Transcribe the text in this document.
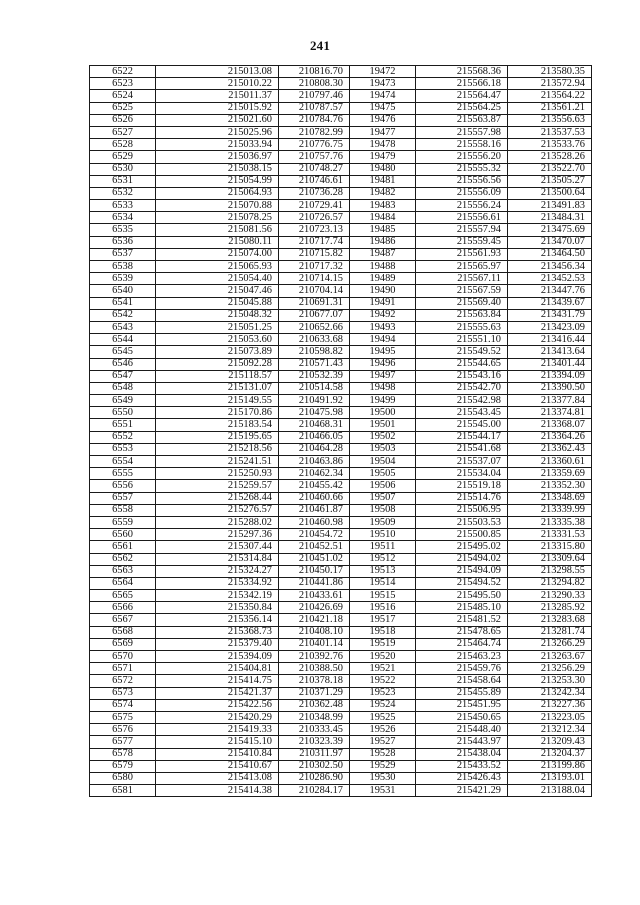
241
6522	215013.08	210816.70	19472	215568.36	213580.35
6523	215010.22	210808.30	19473	215566.18	213572.94
6524	215011.37	210797.46	19474	215564.47	213564.22
6525	215015.92	210787.57	19475	215564.25	213561.21
6526	215021.60	210784.76	19476	215563.87	213556.63
6527	215025.96	210782.99	19477	215557.98	213537.53
6528	215033.94	210776.75	19478	215558.16	213533.76
6529	215036.97	210757.76	19479	215556.20	213528.26
6530	215038.15	210748.27	19480	215555.32	213522.70
6531	215054.99	210746.61	19481	215556.56	213505.27
6532	215064.93	210736.28	19482	215556.09	213500.64
6533	215070.88	210729.41	19483	215556.24	213491.83
6534	215078.25	210726.57	19484	215556.61	213484.31
6535	215081.56	210723.13	19485	215557.94	213475.69
6536	215080.11	210717.74	19486	215559.45	213470.07
6537	215074.00	210715.82	19487	215561.93	213464.50
6538	215065.93	210717.32	19488	215565.97	213456.34
6539	215054.40	210714.15	19489	215567.11	213452.53
6540	215047.46	210704.14	19490	215567.59	213447.76
6541	215045.88	210691.31	19491	215569.40	213439.67
6542	215048.32	210677.07	19492	215563.84	213431.79
6543	215051.25	210652.66	19493	215555.63	213423.09
6544	215053.60	210633.68	19494	215551.10	213416.44
6545	215073.89	210598.82	19495	215549.52	213413.64
6546	215092.28	210571.43	19496	215544.65	213401.44
6547	215118.57	210532.39	19497	215543.16	213394.09
6548	215131.07	210514.58	19498	215542.70	213390.50
6549	215149.55	210491.92	19499	215542.98	213377.84
6550	215170.86	210475.98	19500	215543.45	213374.81
6551	215183.54	210468.31	19501	215545.00	213368.07
6552	215195.65	210466.05	19502	215544.17	213364.26
6553	215218.56	210464.28	19503	215541.68	213362.43
6554	215241.51	210463.86	19504	215537.07	213360.61
6555	215250.93	210462.34	19505	215534.04	213359.69
6556	215259.57	210455.42	19506	215519.18	213352.30
6557	215268.44	210460.66	19507	215514.76	213348.69
6558	215276.57	210461.87	19508	215506.95	213339.99
6559	215288.02	210460.98	19509	215503.53	213335.38
6560	215297.36	210454.72	19510	215500.85	213331.53
6561	215307.44	210452.51	19511	215495.02	213315.80
6562	215314.84	210451.02	19512	215494.02	213309.64
6563	215324.27	210450.17	19513	215494.09	213298.55
6564	215334.92	210441.86	19514	215494.52	213294.82
6565	215342.19	210433.61	19515	215495.50	213290.33
6566	215350.84	210426.69	19516	215485.10	213285.92
6567	215356.14	210421.18	19517	215481.52	213283.68
6568	215368.73	210408.10	19518	215478.65	213281.74
6569	215379.40	210401.14	19519	215464.74	213266.29
6570	215394.09	210392.76	19520	215463.23	213263.67
6571	215404.81	210388.50	19521	215459.76	213256.29
6572	215414.75	210378.18	19522	215458.64	213253.30
6573	215421.37	210371.29	19523	215455.89	213242.34
6574	215422.56	210362.48	19524	215451.95	213227.36
6575	215420.29	210348.99	19525	215450.65	213223.05
6576	215419.33	210333.45	19526	215448.40	213212.34
6577	215415.10	210323.39	19527	215443.97	213209.43
6578	215410.84	210311.97	19528	215438.04	213204.37
6579	215410.67	210302.50	19529	215433.52	213199.86
6580	215413.08	210286.90	19530	215426.43	213193.01
6581	215414.38	210284.17	19531	215421.29	213188.04
